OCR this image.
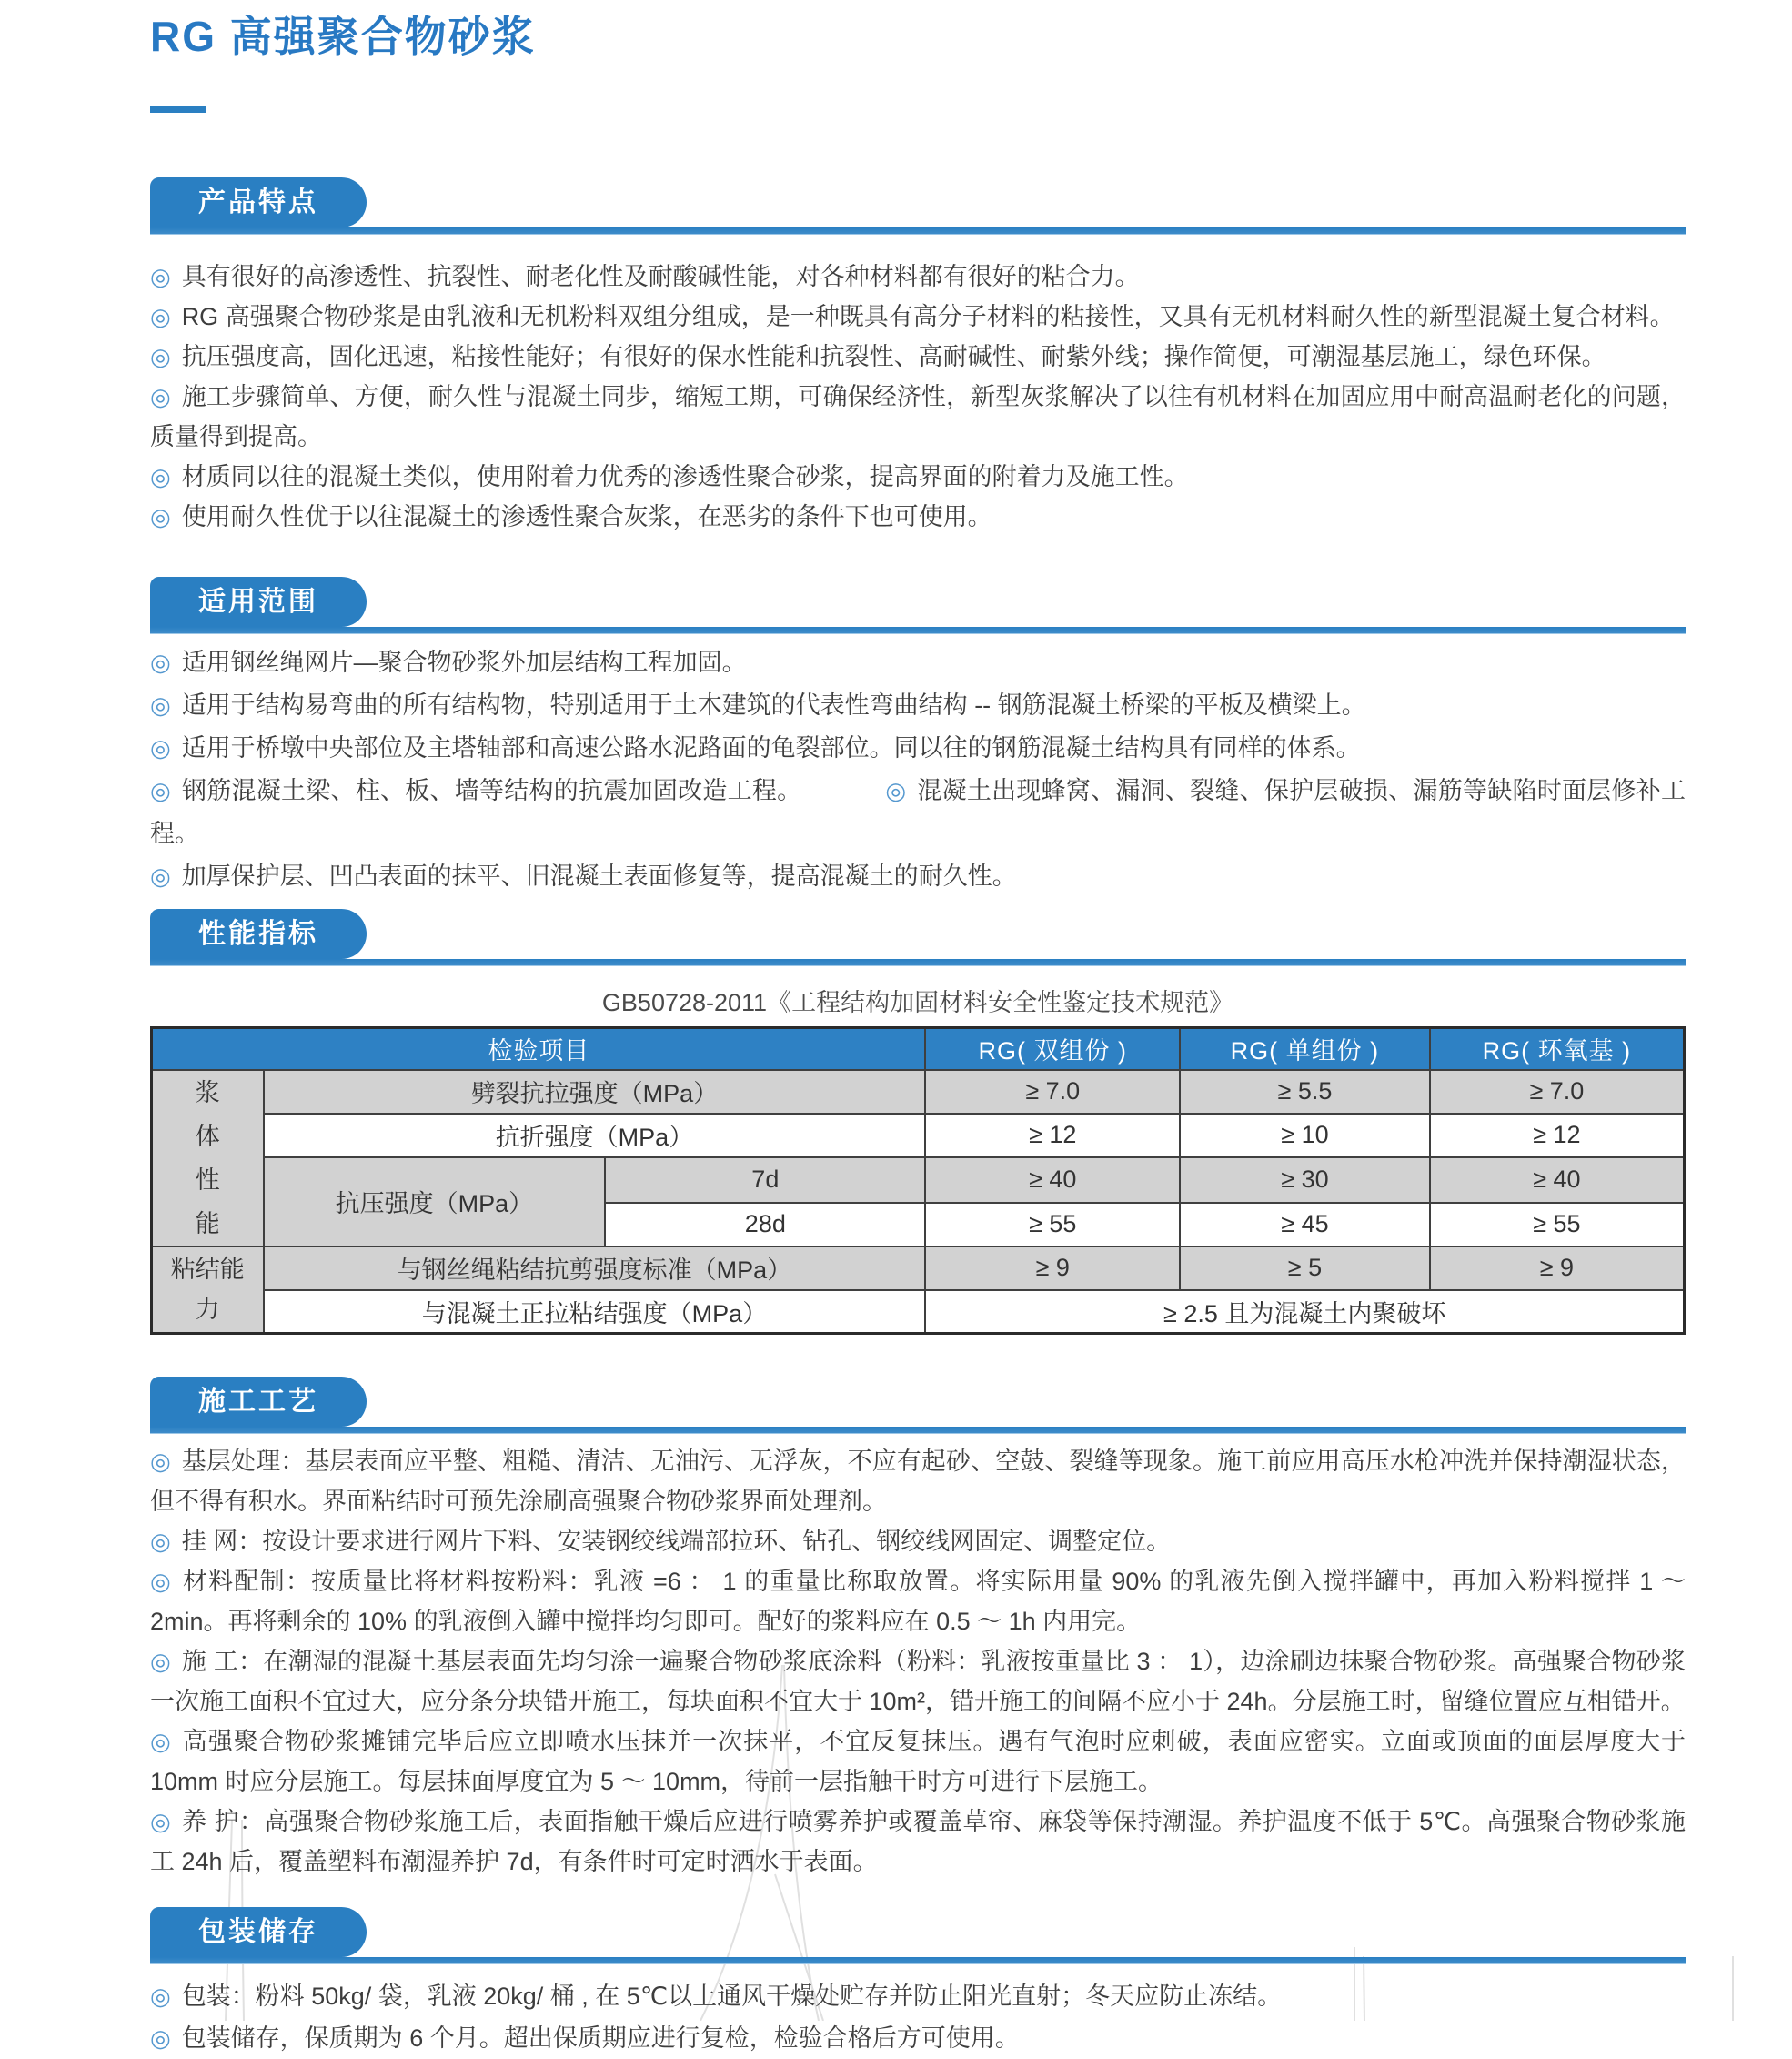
RG 高强聚合物砂浆
产品特点

◎ 具有很好的高渗透性、抗裂性、耐老化性及耐酸碱性能，对各种材料都有很好的粘合力。

◎ RG 高强聚合物砂浆是由乳液和无机粉料双组分组成，是一种既具有高分子材料的粘接性，又具有无机材料耐久性的新型混凝土复合材料。

◎ 抗压强度高，固化迅速，粘接性能好；有很好的保水性能和抗裂性、高耐碱性、耐紫外线；操作简便，可潮湿基层施工，绿色环保。

◎ 施工步骤简单、方便，耐久性与混凝土同步，缩短工期，可确保经济性，新型灰浆解决了以往有机材料在加固应用中耐高温耐老化的问题，质量得到提高。

◎ 材质同以往的混凝土类似，使用附着力优秀的渗透性聚合砂浆，提高界面的附着力及施工性。

◎ 使用耐久性优于以往混凝土的渗透性聚合灰浆，在恶劣的条件下也可使用。

适用范围

◎ 适用钢丝绳网片—聚合物砂浆外加层结构工程加固。

◎ 适用于结构易弯曲的所有结构物，特别适用于土木建筑的代表性弯曲结构 -- 钢筋混凝土桥梁的平板及横梁上。

◎ 适用于桥墩中央部位及主塔轴部和高速公路水泥路面的龟裂部位。同以往的钢筋混凝土结构具有同样的体系。

◎ 钢筋混凝土梁、柱、板、墙等结构的抗震加固改造工程。	◎ 混凝土出现蜂窝、漏洞、裂缝、保护层破损、漏筋等缺陷时面层修补工程。

◎ 加厚保护层、凹凸表面的抹平、旧混凝土表面修复等，提高混凝土的耐久性。

性能指标

GB50728-2011《工程结构加固材料安全性鉴定技术规范》

检验项目			RG( 双组份 )	RG( 单组份 )	RG( 环氧基 )
浆体性能	劈裂抗拉强度（MPa）		≥ 7.0	≥ 5.5	≥ 7.0
	抗折强度（MPa）		≥ 12	≥ 10	≥ 12
	抗压强度（MPa）	7d	≥ 40	≥ 30	≥ 40
		28d	≥ 55	≥ 45	≥ 55
粘结能力	与钢丝绳粘结抗剪强度标准（MPa）		≥ 9	≥ 5	≥ 9
	与混凝土正拉粘结强度（MPa）		≥ 2.5 且为混凝土内聚破坏		
施工工艺

◎ 基层处理：基层表面应平整、粗糙、清洁、无油污、无浮灰，不应有起砂、空鼓、裂缝等现象。施工前应用高压水枪冲洗并保持潮湿状态，但不得有积水。界面粘结时可预先涂刷高强聚合物砂浆界面处理剂。

◎ 挂 网：按设计要求进行网片下料、安装钢绞线端部拉环、钻孔、钢绞线网固定、调整定位。

◎ 材料配制：按质量比将材料按粉料：乳液 =6 ： 1 的重量比称取放置。将实际用量 90% 的乳液先倒入搅拌罐中，再加入粉料搅拌 1 ～ 2min。再将剩余的 10% 的乳液倒入罐中搅拌均匀即可。配好的浆料应在 0.5 ～ 1h 内用完。

◎ 施 工：在潮湿的混凝土基层表面先均匀涂一遍聚合物砂浆底涂料（粉料：乳液按重量比 3 ： 1），边涂刷边抹聚合物砂浆。高强聚合物砂浆一次施工面积不宜过大，应分条分块错开施工，每块面积不宜大于 10m²，错开施工的间隔不应小于 24h。分层施工时，留缝位置应互相错开。

◎ 高强聚合物砂浆摊铺完毕后应立即喷水压抹并一次抹平，不宜反复抹压。遇有气泡时应刺破，表面应密实。立面或顶面的面层厚度大于 10mm 时应分层施工。每层抹面厚度宜为 5 ～ 10mm，待前一层指触干时方可进行下层施工。

◎ 养 护：高强聚合物砂浆施工后，表面指触干燥后应进行喷雾养护或覆盖草帘、麻袋等保持潮湿。养护温度不低于 5℃。高强聚合物砂浆施工 24h 后，覆盖塑料布潮湿养护 7d，有条件时可定时洒水于表面。

包装储存

◎ 包装：粉料 50kg/ 袋，乳液 20kg/ 桶 , 在 5℃以上通风干燥处贮存并防止阳光直射；冬天应防止冻结。

◎ 包装储存，保质期为 6 个月。超出保质期应进行复检，检验合格后方可使用。
